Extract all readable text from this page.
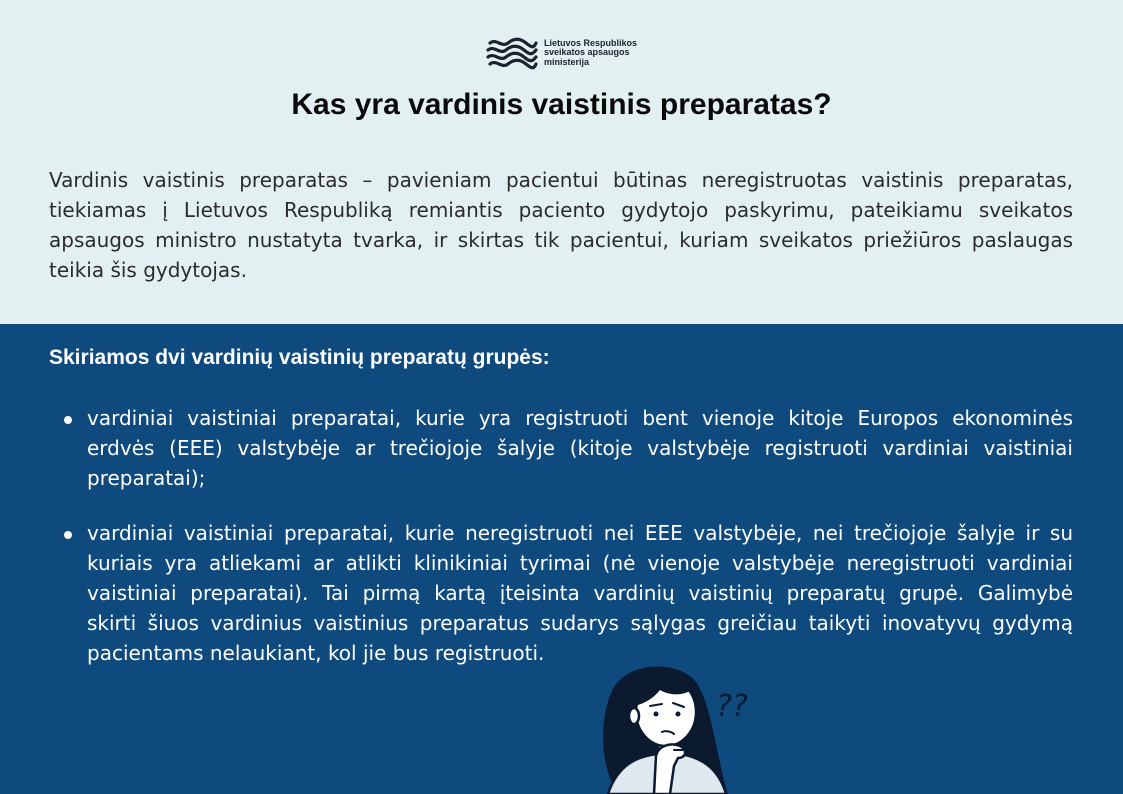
Lietuvos Respublikos
sveikatos apsaugos
ministerija
Kas yra vardinis vaistinis preparatas?

Vardinis vaistinis preparatas – pavieniam pacientui būtinas neregistruotas vaistinis preparatas,
tiekiamas į Lietuvos Respubliką remiantis paciento gydytojo paskyrimu, pateikiamu sveikatos
apsaugos ministro nustatyta tvarka, ir skirtas tik pacientui, kuriam sveikatos priežiūros paslaugas
teikia šis gydytojas.

Skiriamos dvi vardinių vaistinių preparatų grupės:
vardiniai vaistiniai preparatai, kurie yra registruoti bent vienoje kitoje Europos ekonominės
erdvės (EEE) valstybėje ar trečiojoje šalyje (kitoje valstybėje registruoti vardiniai vaistiniai
preparatai);
vardiniai vaistiniai preparatai, kurie neregistruoti nei EEE valstybėje, nei trečiojoje šalyje ir su
kuriais yra atliekami ar atlikti klinikiniai tyrimai (nė vienoje valstybėje neregistruoti vardiniai
vaistiniai preparatai). Tai pirmą kartą įteisinta vardinių vaistinių preparatų grupė. Galimybė
skirti šiuos vardinius vaistinius preparatus sudarys sąlygas greičiau taikyti inovatyvų gydymą
pacientams nelaukiant, kol jie bus registruoti.
??
